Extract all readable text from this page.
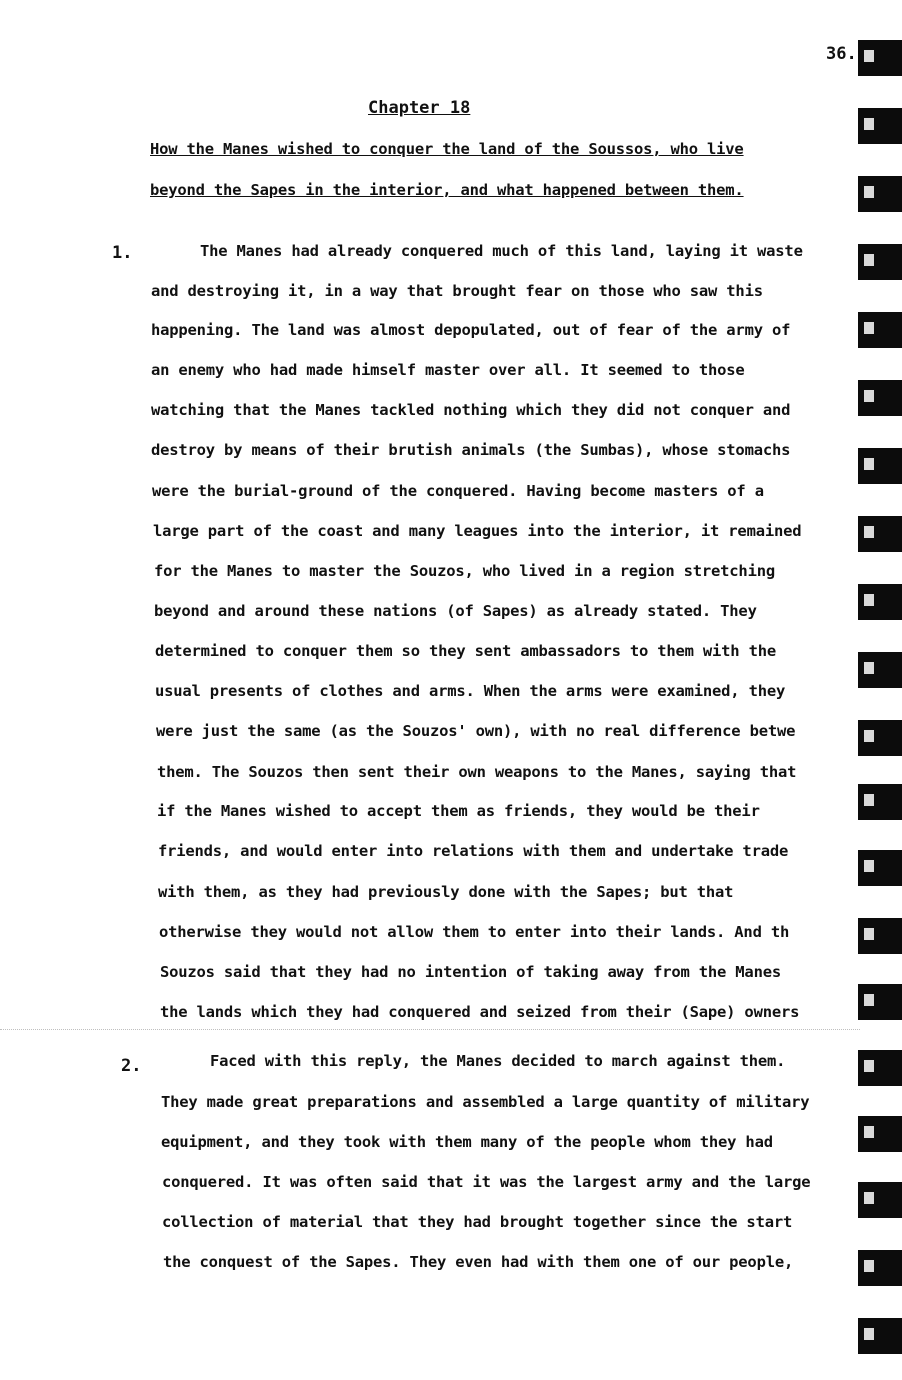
36.
Chapter 18
How the Manes wished to conquer the land of the Soussos, who live
beyond the Sapes in the interior, and what happened between them.
1.	The Manes had already conquered much of this land, laying it waste
and destroying it, in a way that brought fear on those who saw this
happening. The land was almost depopulated, out of fear of the army of
an enemy who had made himself master over all. It seemed to those
watching that the Manes tackled nothing which they did not conquer and
destroy by means of their brutish animals (the Sumbas), whose stomachs
were the burial-ground of the conquered. Having become masters of a
large part of the coast and many leagues into the interior, it remained
for the Manes to master the Souzos, who lived in a region stretching
beyond and around these nations (of Sapes) as already stated. They
determined to conquer them so they sent ambassadors to them with the
usual presents of clothes and arms. When the arms were examined, they
were just the same (as the Souzos' own), with no real difference betwe
them. The Souzos then sent their own weapons to the Manes, saying that
if the Manes wished to accept them as friends, they would be their
friends, and would enter into relations with them and undertake trade
with them, as they had previously done with the Sapes; but that
otherwise they would not allow them to enter into their lands. And th
Souzos said that they had no intention of taking away from the Manes
the lands which they had conquered and seized from their (Sape) owners
2.	Faced with this reply, the Manes decided to march against them.
They made great preparations and assembled a large quantity of military
equipment, and they took with them many of the people whom they had
conquered. It was often said that it was the largest army and the large
collection of material that they had brought together since the start
the conquest of the Sapes. They even had with them one of our people,
